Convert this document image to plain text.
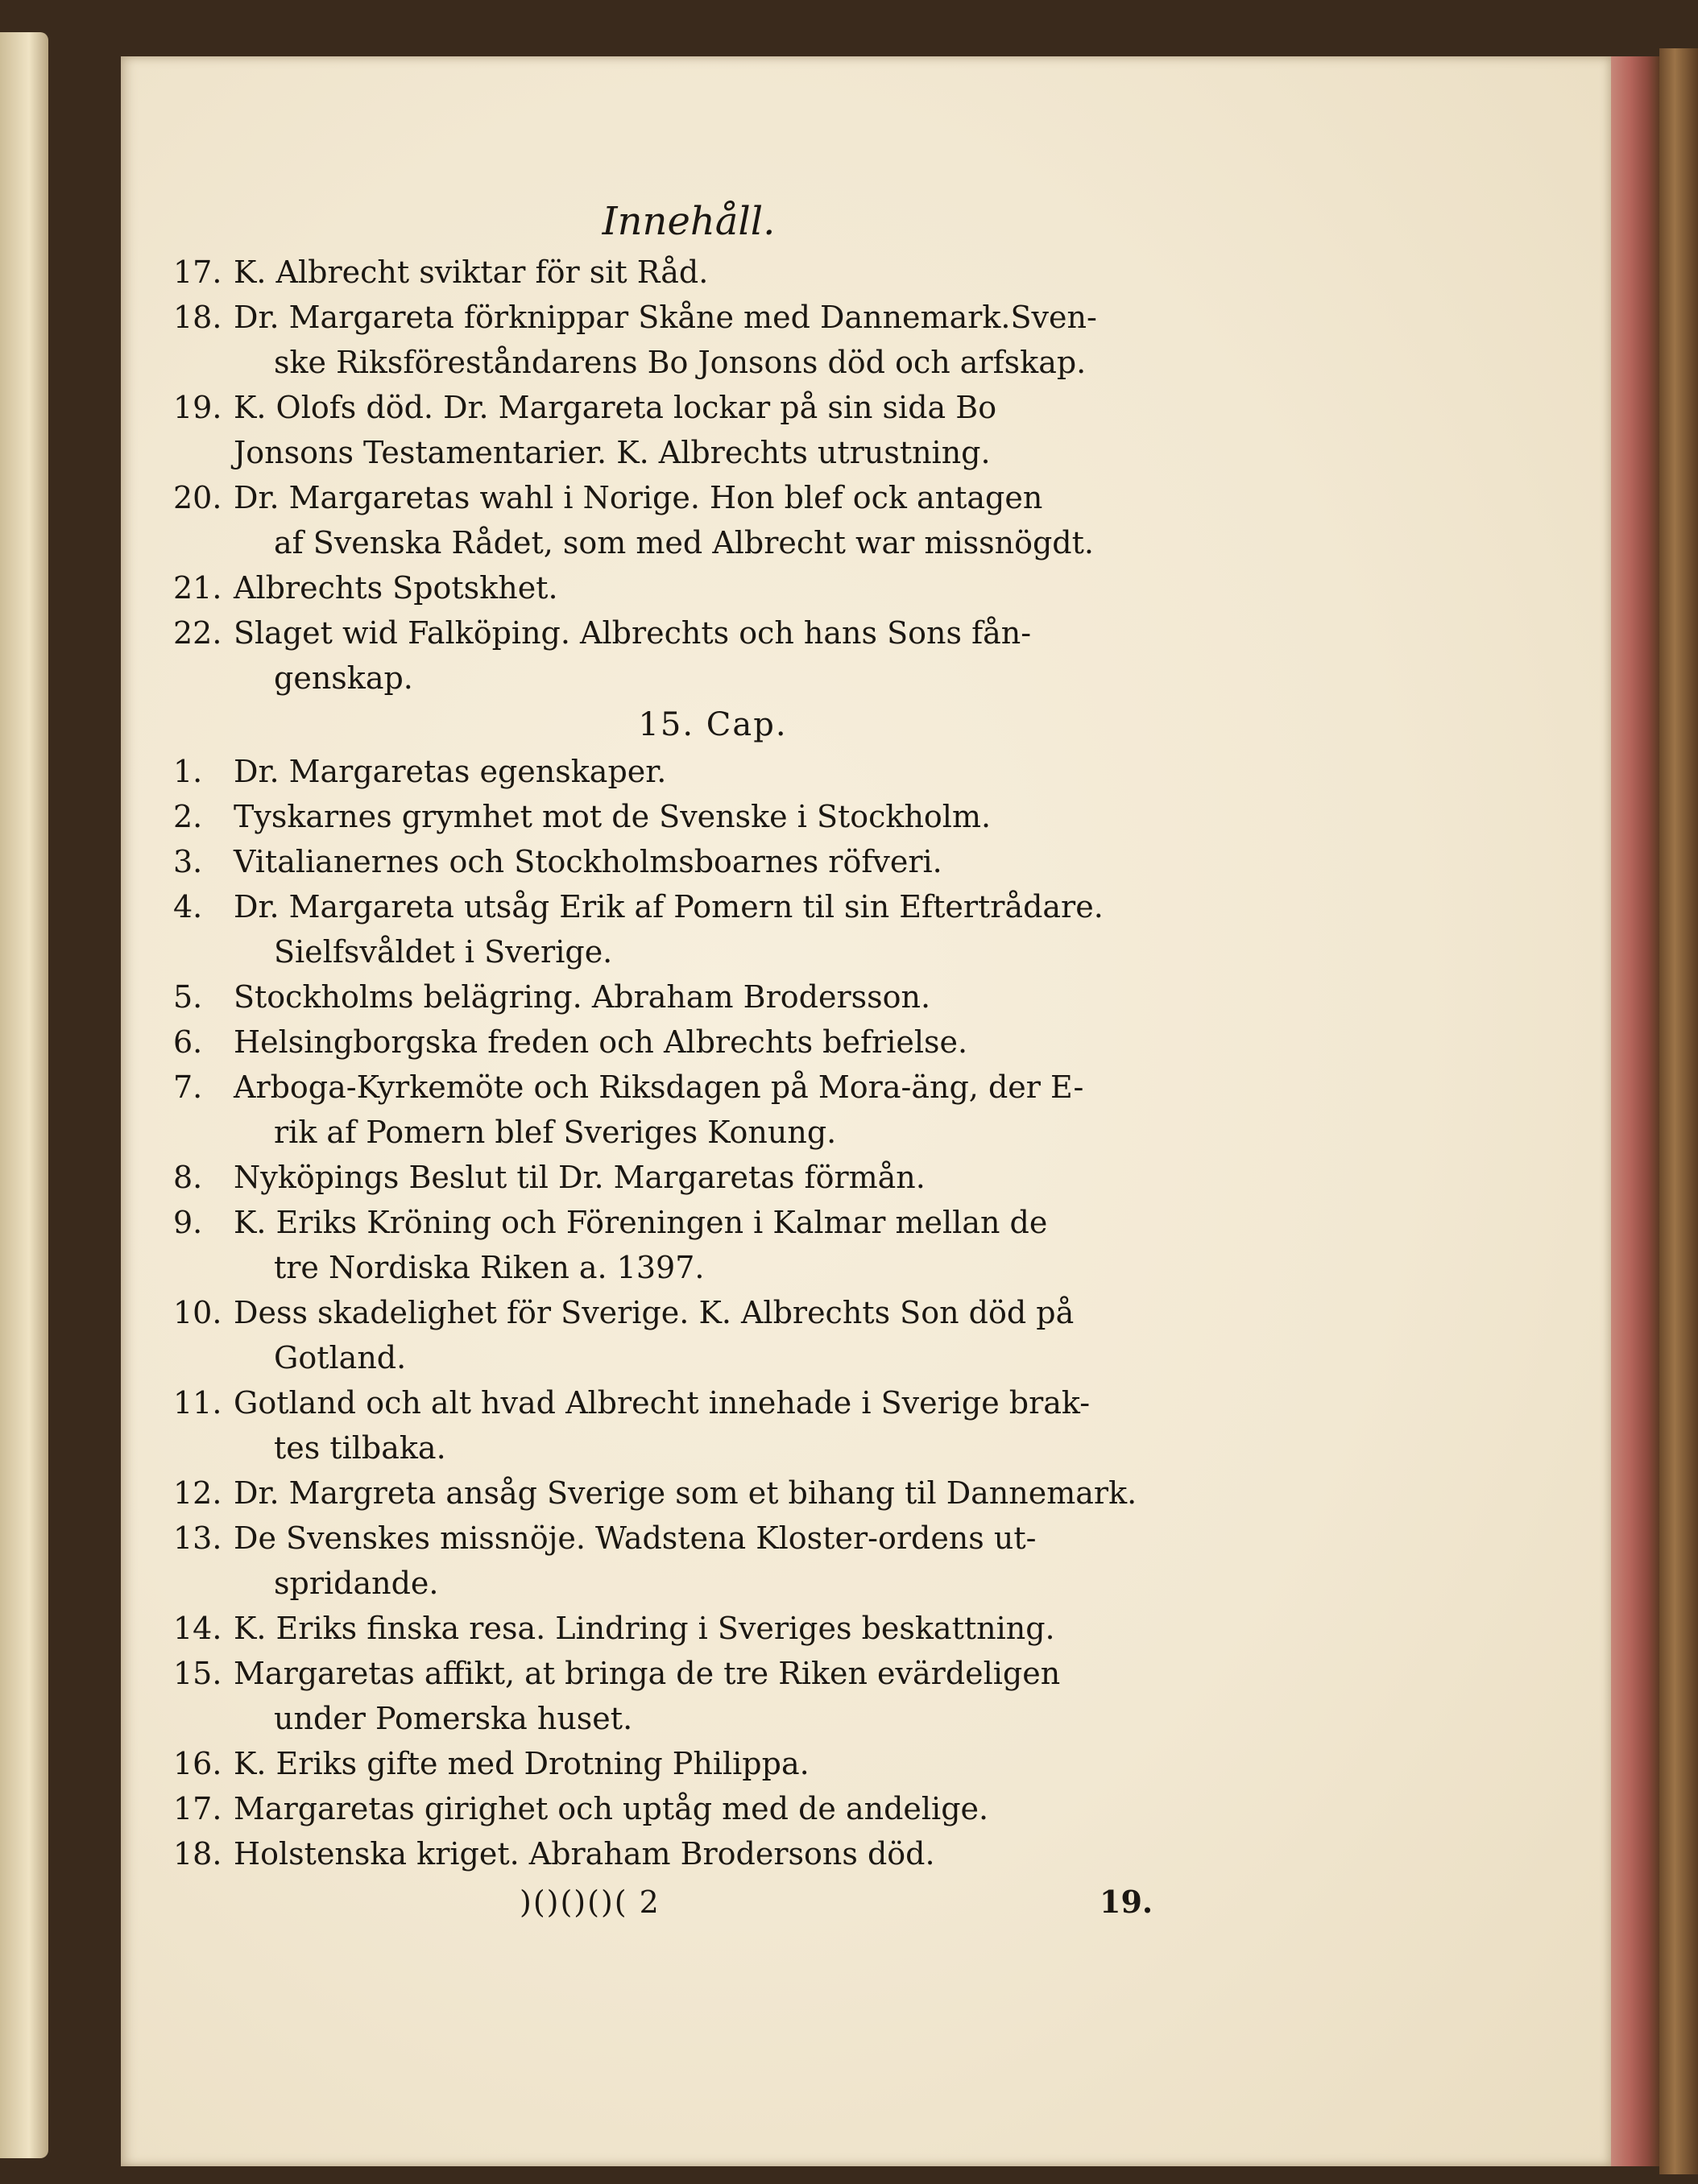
Innehåll.
17. K. Albrecht sviktar för sit Råd.
18. Dr. Margareta förknippar Skåne med Dannemark.Sven-
ske Riksföreståndarens Bo Jonsons död och arfskap.
19. K. Olofs död. Dr. Margareta lockar på sin sida Bo
Jonsons Testamentarier. K. Albrechts utrustning.
20. Dr. Margaretas wahl i Norige. Hon blef ock antagen
af Svenska Rådet, som med Albrecht war missnögdt.
21. Albrechts Spotskhet.
22. Slaget wid Falköping. Albrechts och hans Sons fån-
genskap.
15. Cap.
1.	Dr. Margaretas egenskaper.
2.	Tyskarnes grymhet mot de Svenske i Stockholm.
3.	Vitalianernes och Stockholmsboarnes röfveri.
4.	Dr. Margareta utsåg Erik af Pomern til sin Eftertrådare.
Sielfsvåldet i Sverige.
5.	Stockholms belägring. Abraham Brodersson.
6.	Helsingborgska freden och Albrechts befrielse.
7.	Arboga-Kyrkemöte och Riksdagen på Mora-äng, der E-
rik af Pomern blef Sveriges Konung.
8.	Nyköpings Beslut til Dr. Margaretas förmån.
9.	K. Eriks Kröning och Föreningen i Kalmar mellan de
tre Nordiska Riken a. 1397.
10. Dess skadelighet för Sverige. K. Albrechts Son död på
Gotland.
11. Gotland och alt hvad Albrecht innehade i Sverige brak-
tes tilbaka.
12. Dr. Margreta ansåg Sverige som et bihang til Dannemark.
13. De Svenskes missnöje. Wadstena Kloster-ordens ut-
spridande.
14. K. Eriks finska resa. Lindring i Sveriges beskattning.
15. Margaretas affikt, at bringa de tre Riken evärdeligen
under Pomerska huset.
16. K. Eriks gifte med Drotning Philippa.
17. Margaretas girighet och uptåg med de andelige.
18. Holstenska kriget. Abraham Brodersons död.
)()()()( 2	19.
